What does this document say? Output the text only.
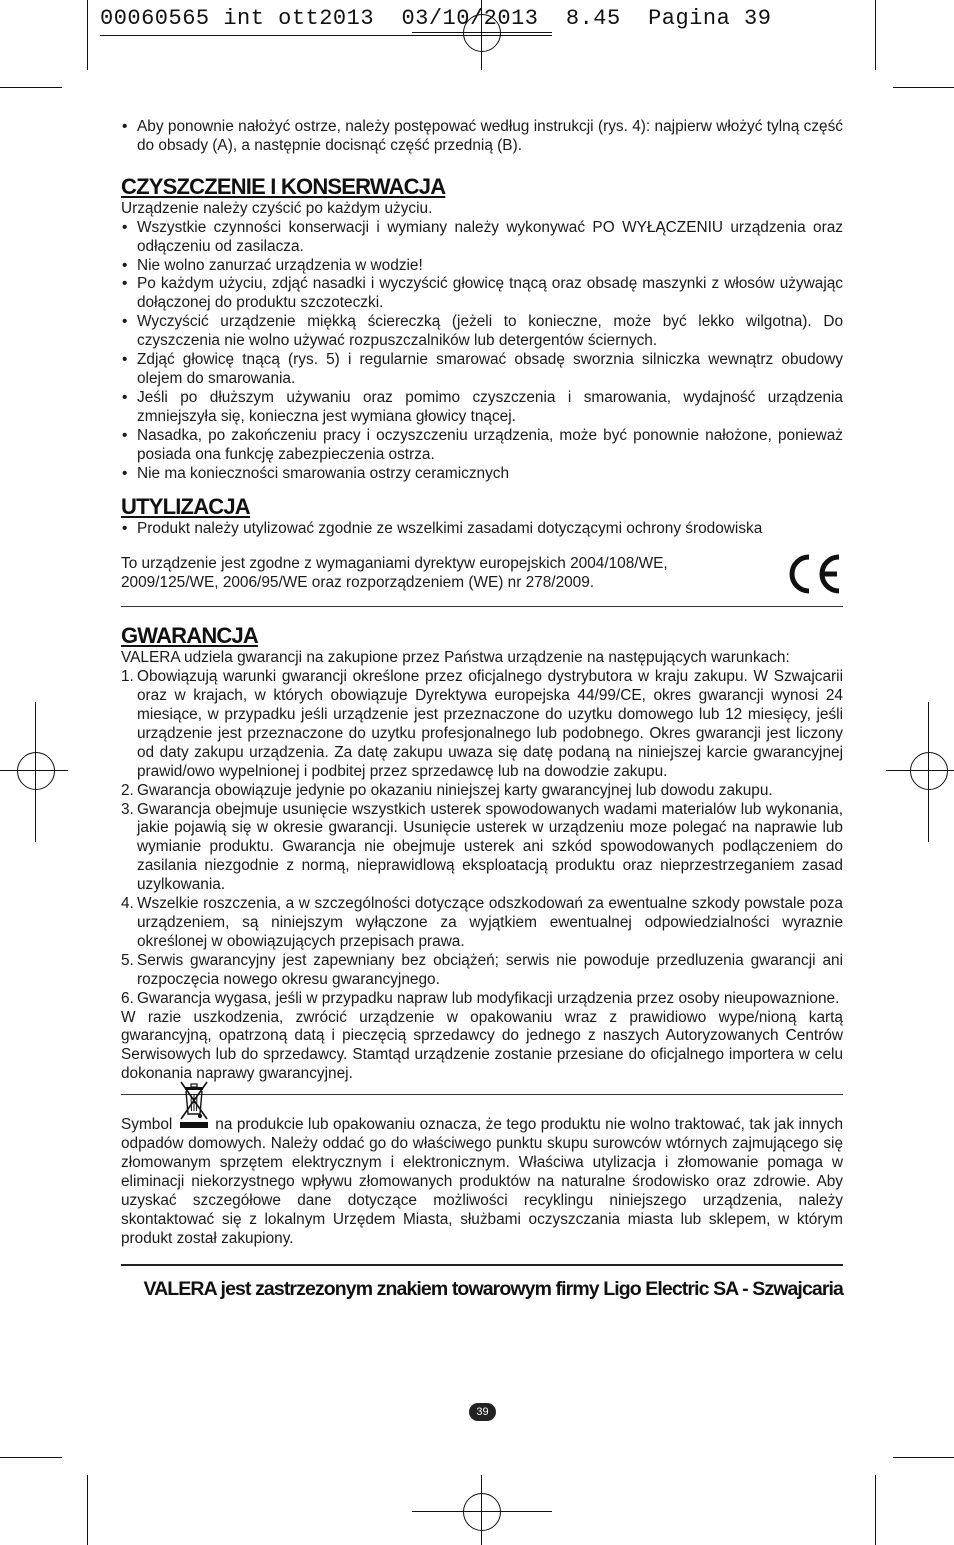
00060565 int ott2013  03/10/2013  8.45  Pagina 39
• Aby ponownie nałożyć ostrze, należy postępować według instrukcji (rys. 4): najpierw włożyć tylną część do obsady (A), a następnie docisnąć część przednią (B).
CZYSZCZENIE I KONSERWACJA

Urządzenie należy czyścić po każdym użyciu.

• Wszystkie czynności konserwacji i wymiany należy wykonywać PO WYŁĄCZENIU urządzenia oraz odłączeniu od zasilacza.
• Nie wolno zanurzać urządzenia w wodzie!
• Po każdym użyciu, zdjąć nasadki i wyczyścić głowicę tnącą oraz obsadę maszynki z włosów używając dołączonej do produktu szczoteczki.
• Wyczyścić urządzenie miękką ściereczką (jeżeli to konieczne, może być lekko wilgotna). Do czyszczenia nie wolno używać rozpuszczalników lub detergentów ściernych.
• Zdjąć głowicę tnącą (rys. 5) i regularnie smarować obsadę sworznia silniczka wewnątrz obudowy olejem do smarowania.
• Jeśli po dłuższym używaniu oraz pomimo czyszczenia i smarowania, wydajność urządzenia zmniejszyła się, konieczna jest wymiana głowicy tnącej.
• Nasadka, po zakończeniu pracy i oczyszczeniu urządzenia, może być ponownie nałożone, ponieważ posiada ona funkcję zabezpieczenia ostrza.
• Nie ma konieczności smarowania ostrzy ceramicznych
UTYLIZACJA
• Produkt należy utylizować zgodnie ze wszelkimi zasadami dotyczącymi ochrony środowiska

To urządzenie jest zgodne z wymaganiami dyrektyw europejskich 2004/108/WE, 2009/125/WE, 2006/95/WE oraz rozporządzeniem (WE) nr 278/2009.

GWARANCJA

VALERA udziela gwarancji na zakupione przez Państwa urządzenie na następujących warunkach:

1. Obowiązują warunki gwarancji określone przez oficjalnego dystrybutora w kraju zakupu. W Szwajcarii oraz w krajach, w których obowiązuje Dyrektywa europejska 44/99/CE, okres gwarancji wynosi 24 miesiące, w przypadku jeśli urządzenie jest przeznaczone do uzytku domowego lub 12 miesięcy, jeśli urządzenie jest przeznaczone do uzytku profesjonalnego lub podobnego. Okres gwarancji jest liczony od daty zakupu urządzenia. Za datę zakupu uwaza się datę podaną na niniejszej karcie gwarancyjnej prawid/owo wypelnionej i podbitej przez sprzedawcę lub na dowodzie zakupu.
2. Gwarancja obowiązuje jedynie po okazaniu niniejszej karty gwarancyjnej lub dowodu zakupu.
3. Gwarancja obejmuje usunięcie wszystkich usterek spowodowanych wadami materialów lub wykonania, jakie pojawią się w okresie gwarancji. Usunięcie usterek w urządzeniu moze polegać na naprawie lub wymianie produktu. Gwarancja nie obejmuje usterek ani szkód spowodowanych podlączeniem do zasilania niezgodnie z normą, nieprawidlową eksploatacją produktu oraz nieprzestrzeganiem zasad uzylkowania.
4. Wszelkie roszczenia, a w szczególności dotyczące odszkodowań za ewentualne szkody powstale poza urządzeniem, są niniejszym wyłączone za wyjątkiem ewentualnej odpowiedzialności wyraznie określonej w obowiązujących przepisach prawa.
5. Serwis gwarancyjny jest zapewniany bez obciążeń; serwis nie powoduje przedluzenia gwarancji ani rozpoczęcia nowego okresu gwarancyjnego.
6. Gwarancja wygasa, jeśli w przypadku napraw lub modyfikacji urządzenia przez osoby nieupowaznione.

W razie uszkodzenia, zwrócić urządzenie w opakowaniu wraz z prawidiowo wype/nioną kartą gwarancyjną, opatrzoną datą i pieczęcią sprzedawcy do jednego z naszych Autoryzowanych Centrów Serwisowych lub do sprzedawcy. Stamtąd urządzenie zostanie przesiane do oficjalnego importera w celu dokonania naprawy gwarancyjnej.

Symbol	na produkcie lub opakowaniu oznacza, że tego produktu nie wolno traktować, tak jak innych odpadów domowych. Należy oddać go do właściwego punktu skupu surowców wtórnych zajmującego się złomowanym sprzętem elektrycznym i elektronicznym. Właściwa utylizacja i złomowanie pomaga w eliminacji niekorzystnego wpływu złomowanych produktów na naturalne środowisko oraz zdrowie. Aby uzyskać szczegółowe dane dotyczące możliwości recyklingu niniejszego urządzenia, należy skontaktować się z lokalnym Urzędem Miasta, służbami oczyszczania miasta lub sklepem, w którym produkt został zakupiony.

VALERA jest zastrzezonym znakiem towarowym firmy Ligo Electric SA - Szwajcaria
39
